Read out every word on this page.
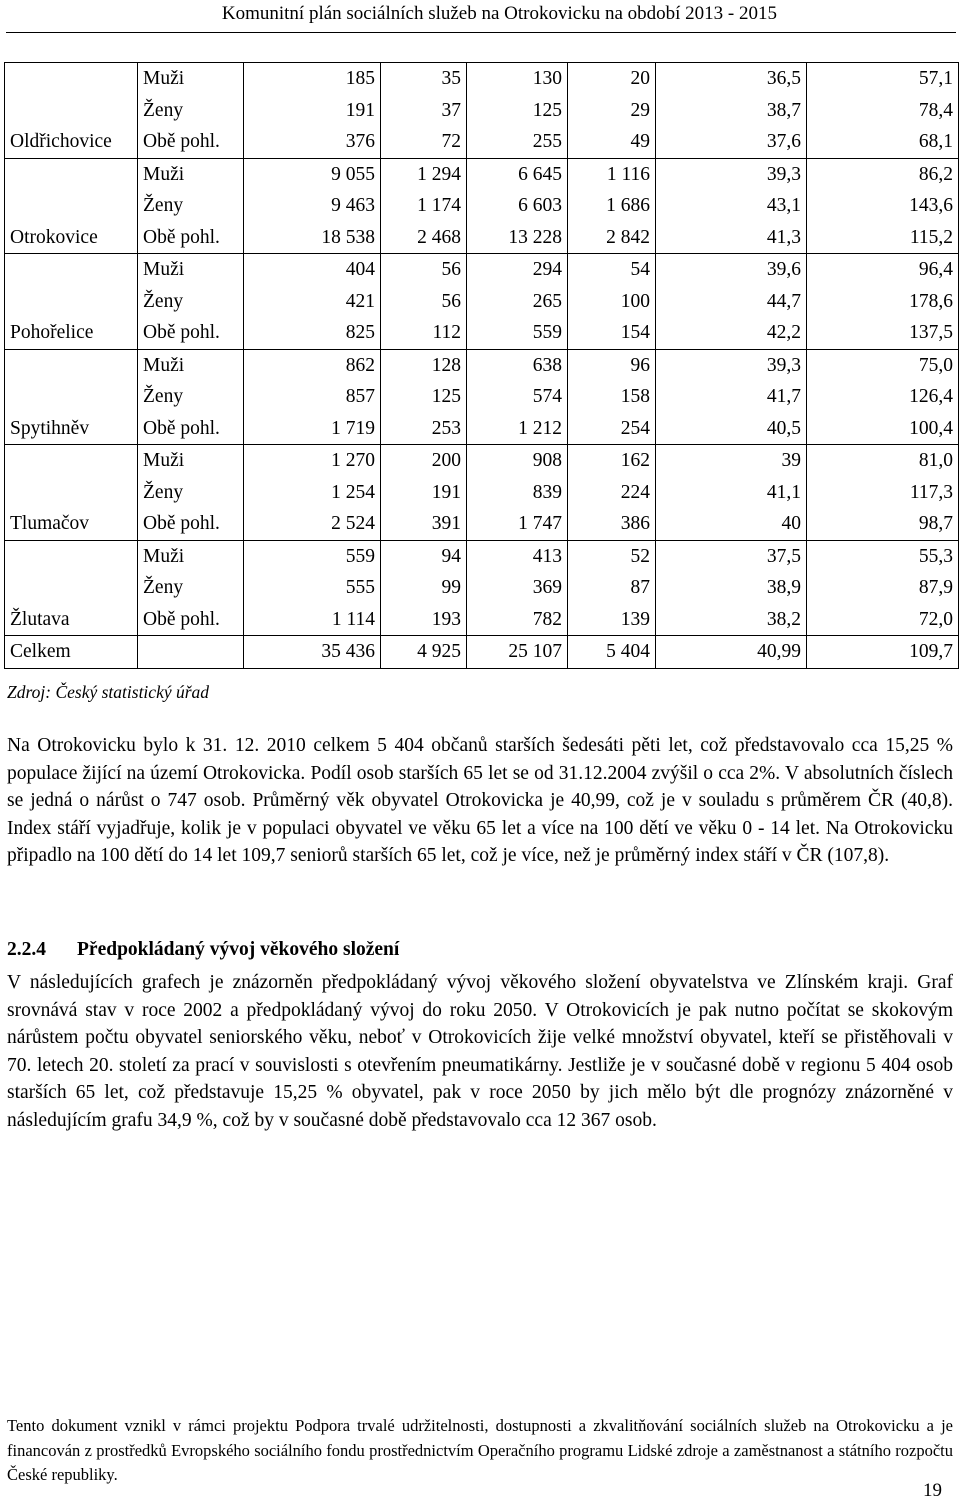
Komunitní plán sociálních služeb na Otrokovicku na období 2013 - 2015
Oldřichovice	Muži	185	35	130	20	36,5	57,1
	Ženy	191	37	125	29	38,7	78,4
	Obě pohl.	376	72	255	49	37,6	68,1
Otrokovice	Muži	9 055	1 294	6 645	1 116	39,3	86,2
	Ženy	9 463	1 174	6 603	1 686	43,1	143,6
	Obě pohl.	18 538	2 468	13 228	2 842	41,3	115,2
Pohořelice	Muži	404	56	294	54	39,6	96,4
	Ženy	421	56	265	100	44,7	178,6
	Obě pohl.	825	112	559	154	42,2	137,5
Spytihněv	Muži	862	128	638	96	39,3	75,0
	Ženy	857	125	574	158	41,7	126,4
	Obě pohl.	1 719	253	1 212	254	40,5	100,4
Tlumačov	Muži	1 270	200	908	162	39	81,0
	Ženy	1 254	191	839	224	41,1	117,3
	Obě pohl.	2 524	391	1 747	386	40	98,7
Žlutava	Muži	559	94	413	52	37,5	55,3
	Ženy	555	99	369	87	38,9	87,9
	Obě pohl.	1 114	193	782	139	38,2	72,0
Celkem		35 436	4 925	25 107	5 404	40,99	109,7
Zdroj: Český statistický úřad
Na Otrokovicku bylo k 31. 12. 2010 celkem 5 404 občanů starších šedesáti pěti let, což představovalo cca 15,25 % populace žijící na území Otrokovicka. Podíl osob starších 65 let se od 31.12.2004 zvýšil o cca 2%. V absolutních číslech se jedná o nárůst o 747 osob. Průměrný věk obyvatel Otrokovicka je 40,99, což je v souladu s průměrem ČR (40,8). Index stáří vyjadřuje, kolik je v populaci obyvatel ve věku 65 let a více na 100 dětí ve věku 0 - 14 let. Na Otrokovicku připadlo na 100 dětí do 14 let 109,7 seniorů starších 65 let, což je více, než je průměrný index stáří v ČR (107,8).
2.2.4 Předpokládaný vývoj věkového složení
V následujících grafech je znázorněn předpokládaný vývoj věkového složení obyvatelstva ve Zlínském kraji. Graf srovnává stav v roce 2002 a předpokládaný vývoj do roku 2050. V Otrokovicích je pak nutno počítat se skokovým nárůstem počtu obyvatel seniorského věku, neboť v Otrokovicích žije velké množství obyvatel, kteří se přistěhovali v 70. letech 20. století za prací v souvislosti s otevřením pneumatikárny. Jestliže je v současné době v regionu 5 404 osob starších 65 let, což představuje 15,25 % obyvatel, pak v roce 2050 by jich mělo být dle prognózy znázorněné v následujícím grafu 34,9 %, což by v současné době představovalo cca 12 367 osob.
Tento dokument vznikl v rámci projektu Podpora trvalé udržitelnosti, dostupnosti a zkvalitňování sociálních služeb na Otrokovicku a je financován z prostředků Evropského sociálního fondu prostřednictvím Operačního programu Lidské zdroje a zaměstnanost a státního rozpočtu České republiky.
19
